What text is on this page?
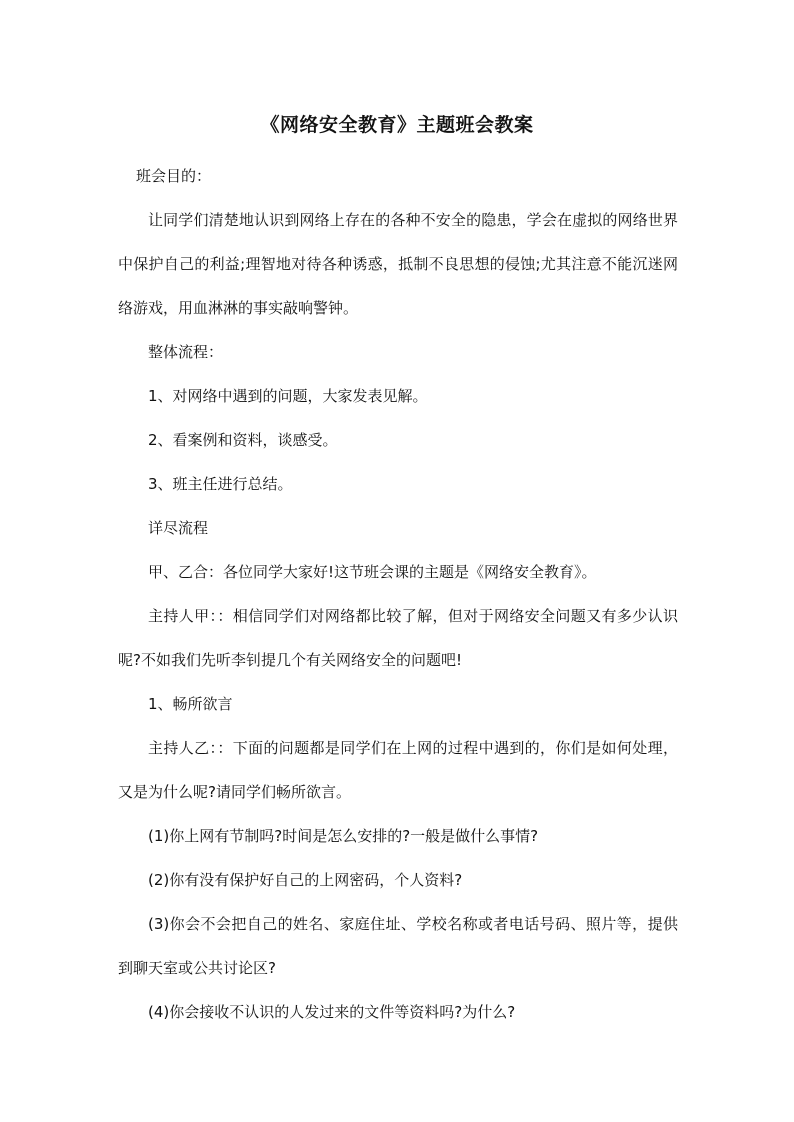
《网络安全教育》主题班会教案

班会目的：

让同学们清楚地认识到网络上存在的各种不安全的隐患，学会在虚拟的网络世界中保护自己的利益;理智地对待各种诱惑，抵制不良思想的侵蚀;尤其注意不能沉迷网络游戏，用血淋淋的事实敲响警钟。

整体流程：

1、对网络中遇到的问题，大家发表见解。

2、看案例和资料，谈感受。

3、班主任进行总结。

详尽流程

甲、乙合：各位同学大家好!这节班会课的主题是《网络安全教育》。

主持人甲：：相信同学们对网络都比较了解，但对于网络安全问题又有多少认识呢?不如我们先听李钊提几个有关网络安全的问题吧!

1、畅所欲言

主持人乙：：下面的问题都是同学们在上网的过程中遇到的，你们是如何处理，又是为什么呢?请同学们畅所欲言。

(1)你上网有节制吗?时间是怎么安排的?一般是做什么事情?

(2)你有没有保护好自己的上网密码，个人资料?

(3)你会不会把自己的姓名、家庭住址、学校名称或者电话号码、照片等，提供到聊天室或公共讨论区?

(4)你会接收不认识的人发过来的文件等资料吗?为什么?
